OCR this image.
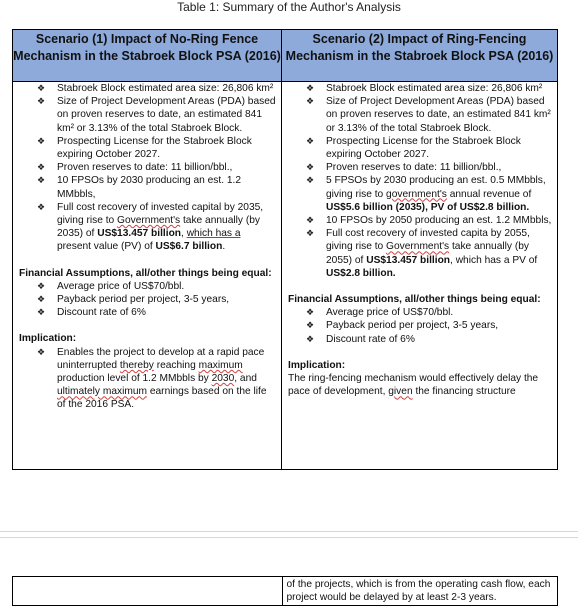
Table 1: Summary of the Author's Analysis
Scenario (1) Impact of No-Ring Fence Mechanism in the Stabroek Block PSA (2016)
❖ Stabroek Block estimated area size: 26,806 km²
❖ Size of Project Development Areas (PDA) based on proven reserves to date, an estimated 841 km² or 3.13% of the total Stabroek Block.
❖ Prospecting License for the Stabroek Block expiring October 2027.
❖ Proven reserves to date: 11 billion/bbl.,
❖ 10 FPSOs by 2030 producing an est. 1.2 MMbbls,
❖ Full cost recovery of invested capital by 2035, giving rise to Government's take annually (by 2035) of US$13.457 billion, which has a present value (PV) of US$6.7 billion.
Financial Assumptions, all/other things being equal:
❖ Average price of US$70/bbl.
❖ Payback period per project, 3-5 years,
❖ Discount rate of 6%
Implication:
❖ Enables the project to develop at a rapid pace uninterrupted thereby reaching maximum production level of 1.2 MMbbls by 2030, and ultimately maximum earnings based on the life of the 2016 PSA.
Scenario (2) Impact of Ring-Fencing Mechanism in the Stabroek Block PSA (2016)
❖ Stabroek Block estimated area size: 26,806 km²
❖ Size of Project Development Areas (PDA) based on proven reserves to date, an estimated 841 km² or 3.13% of the total Stabroek Block.
❖ Prospecting License for the Stabroek Block expiring October 2027.
❖ Proven reserves to date: 11 billion/bbl.,
❖ 5 FPSOs by 2030 producing an est. 0.5 MMbbls, giving rise to government's annual revenue of US$5.6 billion (2035), PV of US$2.8 billion.
❖ 10 FPSOs by 2050 producing an est. 1.2 MMbbls,
❖ Full cost recovery of invested capita by 2055, giving rise to Government's take annually (by 2055) of US$13.457 billion, which has a PV of US$2.8 billion.
Financial Assumptions, all/other things being equal:
❖ Average price of US$70/bbl.
❖ Payback period per project, 3-5 years,
❖ Discount rate of 6%
Implication:
The ring-fencing mechanism would effectively delay the pace of development, given the financing structure
of the projects, which is from the operating cash flow, each project would be delayed by at least 2-3 years.
